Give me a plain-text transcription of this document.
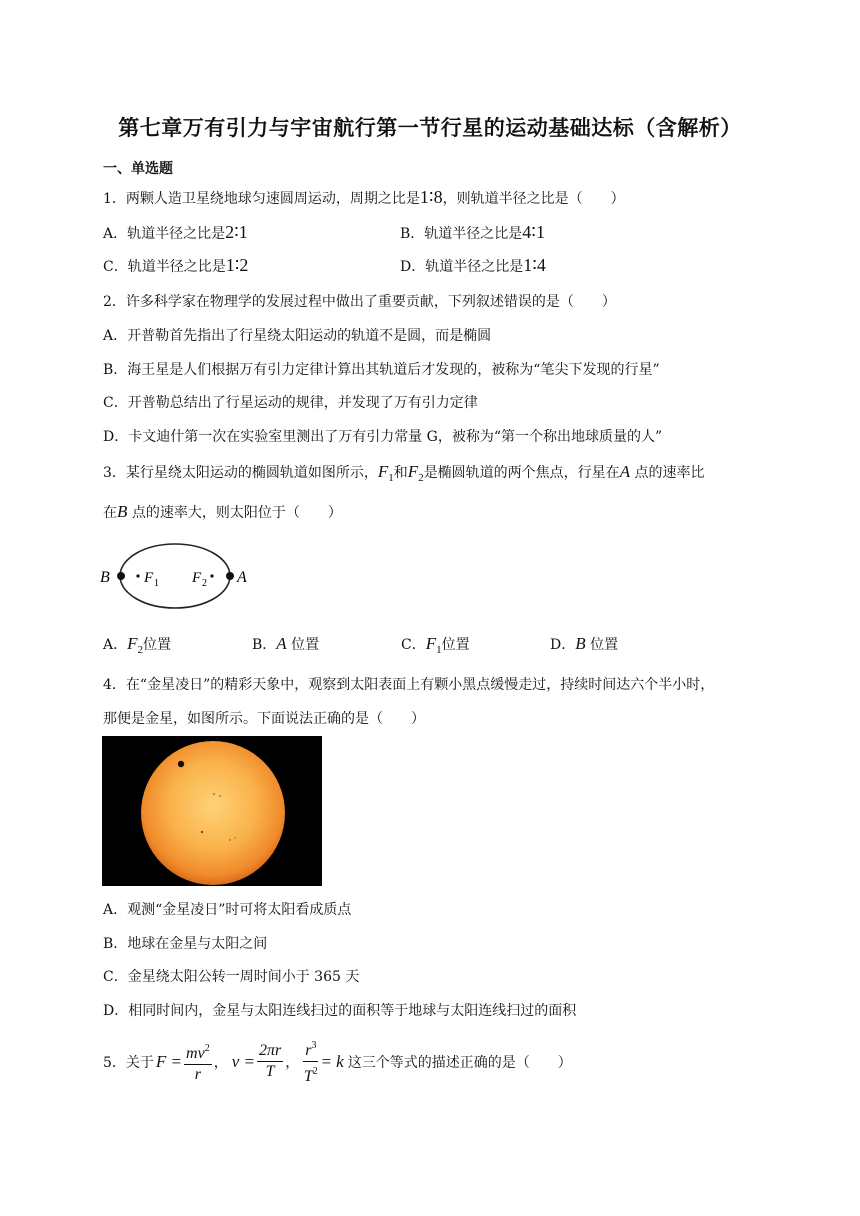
第七章万有引力与宇宙航行第一节行星的运动基础达标（含解析）
一、单选题
1．两颗人造卫星绕地球匀速圆周运动，周期之比是1∶8，则轨道半径之比是（　　）
A．轨道半径之比是2∶1	B．轨道半径之比是4∶1
C．轨道半径之比是1∶2	D．轨道半径之比是1∶4
2．许多科学家在物理学的发展过程中做出了重要贡献，下列叙述错误的是（　　）
A．开普勒首先指出了行星绕太阳运动的轨道不是圆，而是椭圆
B．海王星是人们根据万有引力定律计算出其轨道后才发现的，被称为“笔尖下发现的行星”
C．开普勒总结出了行星运动的规律，并发现了万有引力定律
D．卡文迪什第一次在实验室里测出了万有引力常量 G，被称为“第一个称出地球质量的人”
3．某行星绕太阳运动的椭圆轨道如图所示，$F_1$和$F_2$是椭圆轨道的两个焦点，行星在A 点的速率比
在B 点的速率大，则太阳位于（　　）
B F 1 F 2 A
A．$F_2$位置	B．A 位置	C．$F_1$位置	D．B 位置
4．在“金星凌日”的精彩天象中，观察到太阳表面上有颗小黑点缓慢走过，持续时间达六个半小时，
那便是金星，如图所示。下面说法正确的是（　　）
A．观测“金星凌日”时可将太阳看成质点
B．地球在金星与太阳之间
C．金星绕太阳公转一周时间小于 365 天
D．相同时间内，金星与太阳连线扫过的面积等于地球与太阳连线扫过的面积
5．关于 $F = \frac{mv^2}{r}$ ， $v = \frac{2\pi r}{T}$ ， $\frac{r^3}{T^2} = k$ 这三个等式的描述正确的是（　　）
